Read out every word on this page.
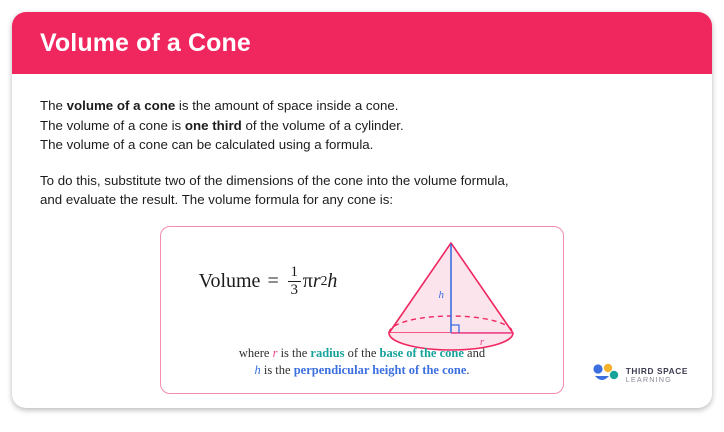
Volume of a Cone
The volume of a cone is the amount of space inside a cone.
The volume of a cone is one third of the volume of a cylinder.
The volume of a cone can be calculated using a formula.
To do this, substitute two of the dimensions of the cone into the volume formula,
and evaluate the result. The volume formula for any cone is:
Volume = $\frac{1}{3}$ π r 2 h
h
r
where r is the radius of the base of the cone and
h is the perpendicular height of the cone.	THIRD SPACE
LEARNING
